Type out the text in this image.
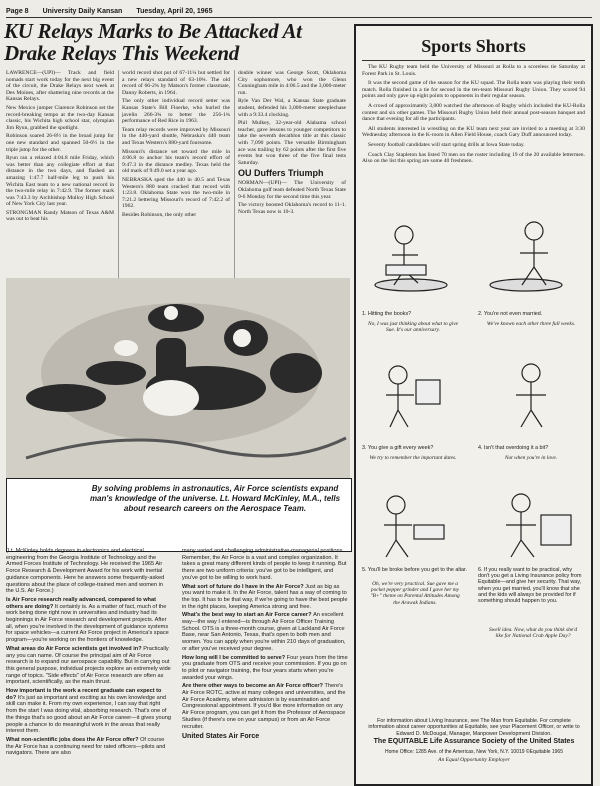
Page 8 University Daily Kansan Tuesday, April 20, 1965
KU Relays Marks to Be Attacked At Drake Relays This Weekend

LAWRENCE—(UPI)— Track and field nomads start work today for the next big event of the circuit, the Drake Relays next week at Des Moines, after shattering nine records at the Kansas Relays.

New Mexico jumper Clarence Robinson set the record-breaking tempo at the two-day Kansas classic, his Wichita high school star, olympian Jim Ryun, grabbed the spotlight.

Robinson soared 26-8½ in the broad jump for one new standard and spanned 50-6½ in the triple jump for the other.

Ryun ran a relaxed 4:04.8 mile Friday, which was better than any collegiate effort at that distance in the two days, and flashed an amazing 1:47.7 half-mile leg to push his Wichita East team to a new national record in the two-mile relay in 7:42.9. The former mark was 7:43.3 by Archbishop Mulloy High School of New York City last year.

STRONGMAN Randy Matson of Texas A&M was out to beat his

world record shot put of 67-11¼ but settled for a new relays standard of 63-10¾. The old record of 66-2¾ by Matson's former classmate, Danny Roberts, in 1964.

The only other individual record setter was Kansas State's Bill Floerke, who hurled the javelin 266-3¾ to better the 256-1¾ performance of Red Rice in 1963.

Team relay records were improved by Missouri in the 440-yard shuttle, Nebraska's 440 team and Texas Western's 880-yard foursome.

Missouri's distance set toward the mile in 4:06.8 to anchor his team's record effort of 9:47.3 in the distance medley. Texas held the old mark of 9:49.0 set a year ago.

NEBRASKA sped the 440 in 40.5 and Texas Western's 880 team cracked that record with 1:23.8. Oklahoma State won the two-mile in 7:21.2 bettering Missouri's record of 7:42.2 of 1962.

Besides Robinson, the only other

double winner was George Scott, Oklahoma City sophomore, who won the Glenn Cunningham mile in 4:06.5 and the 3,000-meter run.

Ryle Van Der Wal, a Kansas State graduate student, defended his 3,000-meter steeplechase with a 9:33.4 clocking.

Phil Mulkey, 32-year-old Alabama school teacher, gave lessons to younger competitors to take the seventh decathlon title at this classic with 7,090 points. The versatile Birmingham ace was trailing by 62 points after the first five events but won three of the five final tests Saturday.

OU Duffers Triumph

NORMAN—(UPI)— The University of Oklahoma golf team defeated North Texas State 9-6 Monday for the second time this year.

The victory boosted Oklahoma's record to 11-1. North Texas now is 10-3.

By solving problems in astronautics, Air Force scientists expand man's knowledge of the universe. Lt. Howard McKinley, M.A., tells about research careers on the Aerospace Team.

(Lt. McKinley holds degrees in electronics and electrical engineering from the Georgia Institute of Technology and the Armed Forces Institute of Technology. He received the 1965 Air Force Research & Development Award for his work with inertial guidance components. Here he answers some frequently-asked questions about the place of college-trained men and women in the U.S. Air Force.)

Is Air Force research really advanced, compared to what others are doing? It certainly is. As a matter of fact, much of the work being done right now in universities and industry had its beginnings in Air Force research and development projects. After all, when you're involved in the development of guidance systems for space vehicles—a current Air Force project in America's space program—you're working on the frontiers of knowledge.

What areas do Air Force scientists get involved in? Practically any you can name. Of course the principal aim of Air Force research is to expand our aerospace capability. But in carrying out this general purpose, individual projects explore an extremely wide range of topics. "Side effects" of Air Force research are often as important, scientifically, as the main thrust.

How important is the work a recent graduate can expect to do? It's just as important and exciting as his own knowledge and skill can make it. From my own experience, I can say that right from the start I was doing vital, absorbing research. That's one of the things that's so good about an Air Force career—it gives young people a chance to do meaningful work in the areas that really interest them.

What non-scientific jobs does the Air Force offer? Of course the Air Force has a continuing need for rated officers—pilots and navigators. There are also

many varied and challenging administrative-managerial positions. Remember, the Air Force is a vast and complex organization. It takes a great many different kinds of people to keep it running. But there are two uniform criteria: you've got to be intelligent, and you've got to be willing to work hard.

What sort of future do I have in the Air Force? Just as big as you want to make it. In the Air Force, talent has a way of coming to the top. It has to be that way, if we're going to have the best people in the right places, keeping America strong and free.

What's the best way to start an Air Force career? An excellent way—the way I entered—is through Air Force Officer Training School. OTS is a three-month course, given at Lackland Air Force Base, near San Antonio, Texas, that's open to both men and women. You can apply when you're within 210 days of graduation, or after you've received your degree.

How long will I be committed to serve? Four years from the time you graduate from OTS and receive your commission. If you go on to pilot or navigator training, the four years starts when you're awarded your wings.

Are there other ways to become an Air Force officer? There's Air Force ROTC, active at many colleges and universities, and the Air Force Academy, where admission is by examination and Congressional appointment. If you'd like more information on any Air Force program, you can get it from the Professor of Aerospace Studies (if there's one on your campus) or from an Air Force recruiter.

United States Air Force
Sports Shorts

The KU Rugby team held the University of Missouri at Rolla to a scoreless tie Saturday at Forest Park in St. Louis.

It was the second game of the season for the KU squad. The Rolla team was playing their tenth match. Rolla finished in a tie for second in the ten-team Missouri Rugby Union. They scored 94 points and only gave up eight points to opponents in their regular season.

A crowd of approximately 3,000 watched the afternoon of Rugby which included the KU-Rolla contest and six other games. The Missouri Rugby Union held their annual post-season banquet and dance that evening for all the participants.

All students interested in wrestling on the KU team next year are invited to a meeting at 3:30 Wednesday afternoon in the K-room in Allen Field House, coach Gary Duff announced today.

Seventy football candidates will start spring drills at Iowa State today.

Coach Clay Stapleton has listed 70 men on the roster including 19 of the 20 available lettermen. Also on the list this spring are some 40 freshmen.

1. Hitting the books?
No, I was just thinking about what to give Sue. It's our anniversary.
2. You're not even married.
We've known each other three full weeks.
3. You give a gift every week?
We try to remember the important dates.
4. Isn't that overdoing it a bit?
Not when you're in love.
5. You'll be broke before you get to the altar.
Oh, we're very practical. Sue gave me a pocket pepper grinder and I gave her my "B+" theme on Parental Attitudes Among the Arawak Indians.
6. If you really want to be practical, why don't you get a Living Insurance policy from Equitable—and give her security. That way, when you get married, you'll know that she and the kids will always be provided for if something should happen to you.
Swell idea. Now, what do you think she'd like for National Crab Apple Day?
For information about Living Insurance, see The Man from Equitable. For complete information about career opportunities at Equitable, see your Placement Officer, or write to Edward D. McDougal, Manager, Manpower Development Division.
The EQUITABLE Life Assurance Society of the United States
Home Office: 1285 Ave. of the Americas, New York, N.Y. 10019 ©Equitable 1965
An Equal Opportunity Employer
